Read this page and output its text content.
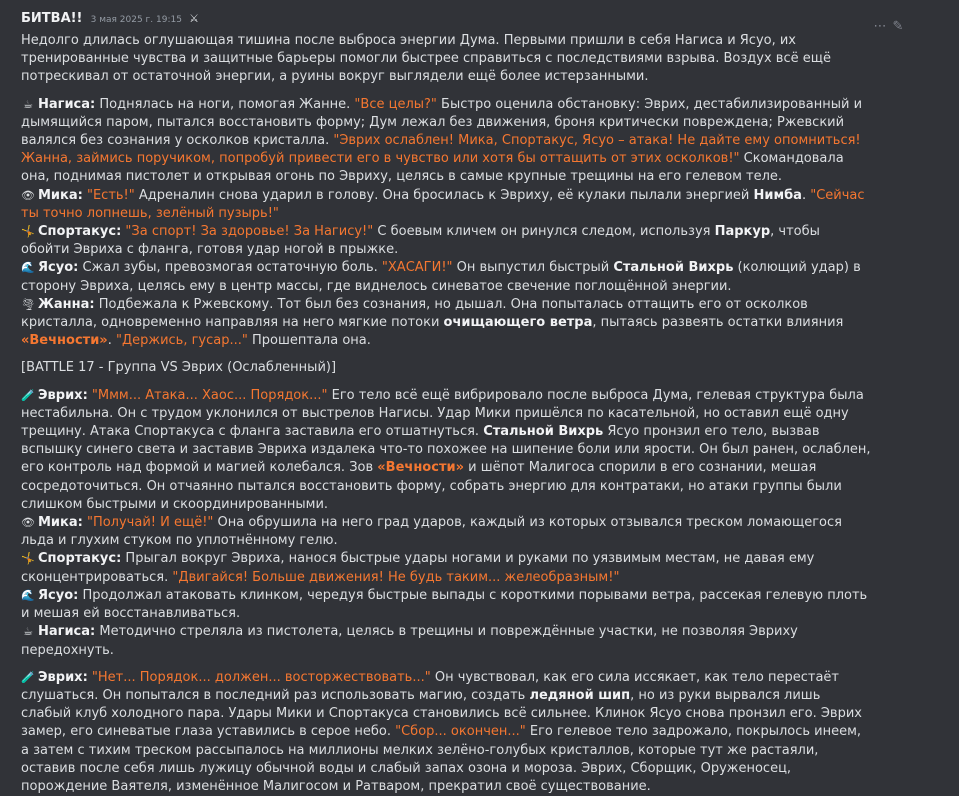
БИТВА!! 3 мая 2025 г. 19:15 ⚔
⋯ ✎

Недолго длилась оглушающая тишина после выброса энергии Дума. Первыми пришли в себя Нагиса и Ясуо, их тренированные чувства и защитные барьеры помогли быстрее справиться с последствиями взрыва. Воздух всё ещё потрескивал от остаточной энергии, а руины вокруг выглядели ещё более истерзанными.

☕ Нагиса: Поднялась на ноги, помогая Жанне. "Все целы?" Быстро оценила обстановку: Эврих, дестабилизированный и дымящийся паром, пытался восстановить форму; Дум лежал без движения, броня критически повреждена; Ржевский валялся без сознания у осколков кристалла. "Эврих ослаблен! Мика, Спортакус, Ясуо – атака! Не дайте ему опомниться! Жанна, займись поручиком, попробуй привести его в чувство или хотя бы оттащить от этих осколков!" Скомандовала она, поднимая пистолет и открывая огонь по Эвриху, целясь в самые крупные трещины на его гелевом теле.

👁 Мика: "Есть!" Адреналин снова ударил в голову. Она бросилась к Эвриху, её кулаки пылали энергией Нимба. "Сейчас ты точно лопнешь, зелёный пузырь!"

🤸 Спортакус: "За спорт! За здоровье! За Нагису!" С боевым кличем он ринулся следом, используя Паркур, чтобы обойти Эвриха с фланга, готовя удар ногой в прыжке.

🌊 Ясуо: Сжал зубы, превозмогая остаточную боль. "ХАСАГИ!" Он выпустил быстрый Стальной Вихрь (колющий удар) в сторону Эвриха, целясь ему в центр массы, где виднелось синеватое свечение поглощённой энергии.

🌪 Жанна: Подбежала к Ржевскому. Тот был без сознания, но дышал. Она попыталась оттащить его от осколков кристалла, одновременно направляя на него мягкие потоки очищающего ветра, пытаясь развеять остатки влияния «Вечности». "Держись, гусар..." Прошептала она.

[BATTLE 17 - Группа VS Эврих (Ослабленный)]

🧪 Эврих: "Ммм... Атака... Хаос... Порядок..." Его тело всё ещё вибрировало после выброса Дума, гелевая структура была нестабильна. Он с трудом уклонился от выстрелов Нагисы. Удар Мики пришёлся по касательной, но оставил ещё одну трещину. Атака Спортакуса с фланга заставила его отшатнуться. Стальной Вихрь Ясуо пронзил его тело, вызвав вспышку синего света и заставив Эвриха издалека что-то похожее на шипение боли или ярости. Он был ранен, ослаблен, его контроль над формой и магией колебался. Зов «Вечности» и шёпот Малигоса спорили в его сознании, мешая сосредоточиться. Он отчаянно пытался восстановить форму, собрать энергию для контратаки, но атаки группы были слишком быстрыми и скоординированными.

👁 Мика: "Получай! И ещё!" Она обрушила на него град ударов, каждый из которых отзывался треском ломающегося льда и глухим стуком по уплотнённому гелю.

🤸 Спортакус: Прыгал вокруг Эвриха, нанося быстрые удары ногами и руками по уязвимым местам, не давая ему сконцентрироваться. "Двигайся! Больше движения! Не будь таким... желеобразным!"

🌊 Ясуо: Продолжал атаковать клинком, чередуя быстрые выпады с короткими порывами ветра, рассекая гелевую плоть и мешая ей восстанавливаться.

☕ Нагиса: Методично стреляла из пистолета, целясь в трещины и повреждённые участки, не позволяя Эвриху передохнуть.

🧪 Эврих: "Нет... Порядок... должен... восторжествовать..." Он чувствовал, как его сила иссякает, как тело перестаёт слушаться. Он попытался в последний раз использовать магию, создать ледяной шип, но из руки вырвался лишь слабый клуб холодного пара. Удары Мики и Спортакуса становились всё сильнее. Клинок Ясуо снова пронзил его. Эврих замер, его синеватые глаза уставились в серое небо. "Сбор... окончен..." Его гелевое тело задрожало, покрылось инеем, а затем с тихим треском рассыпалось на миллионы мелких зелёно-голубых кристаллов, которые тут же растаяли, оставив после себя лишь лужицу обычной воды и слабый запах озона и мороза. Эврих, Сборщик, Оруженосец, порождение Ваятеля, изменённое Малигосом и Ратваром, прекратил своё существование.
